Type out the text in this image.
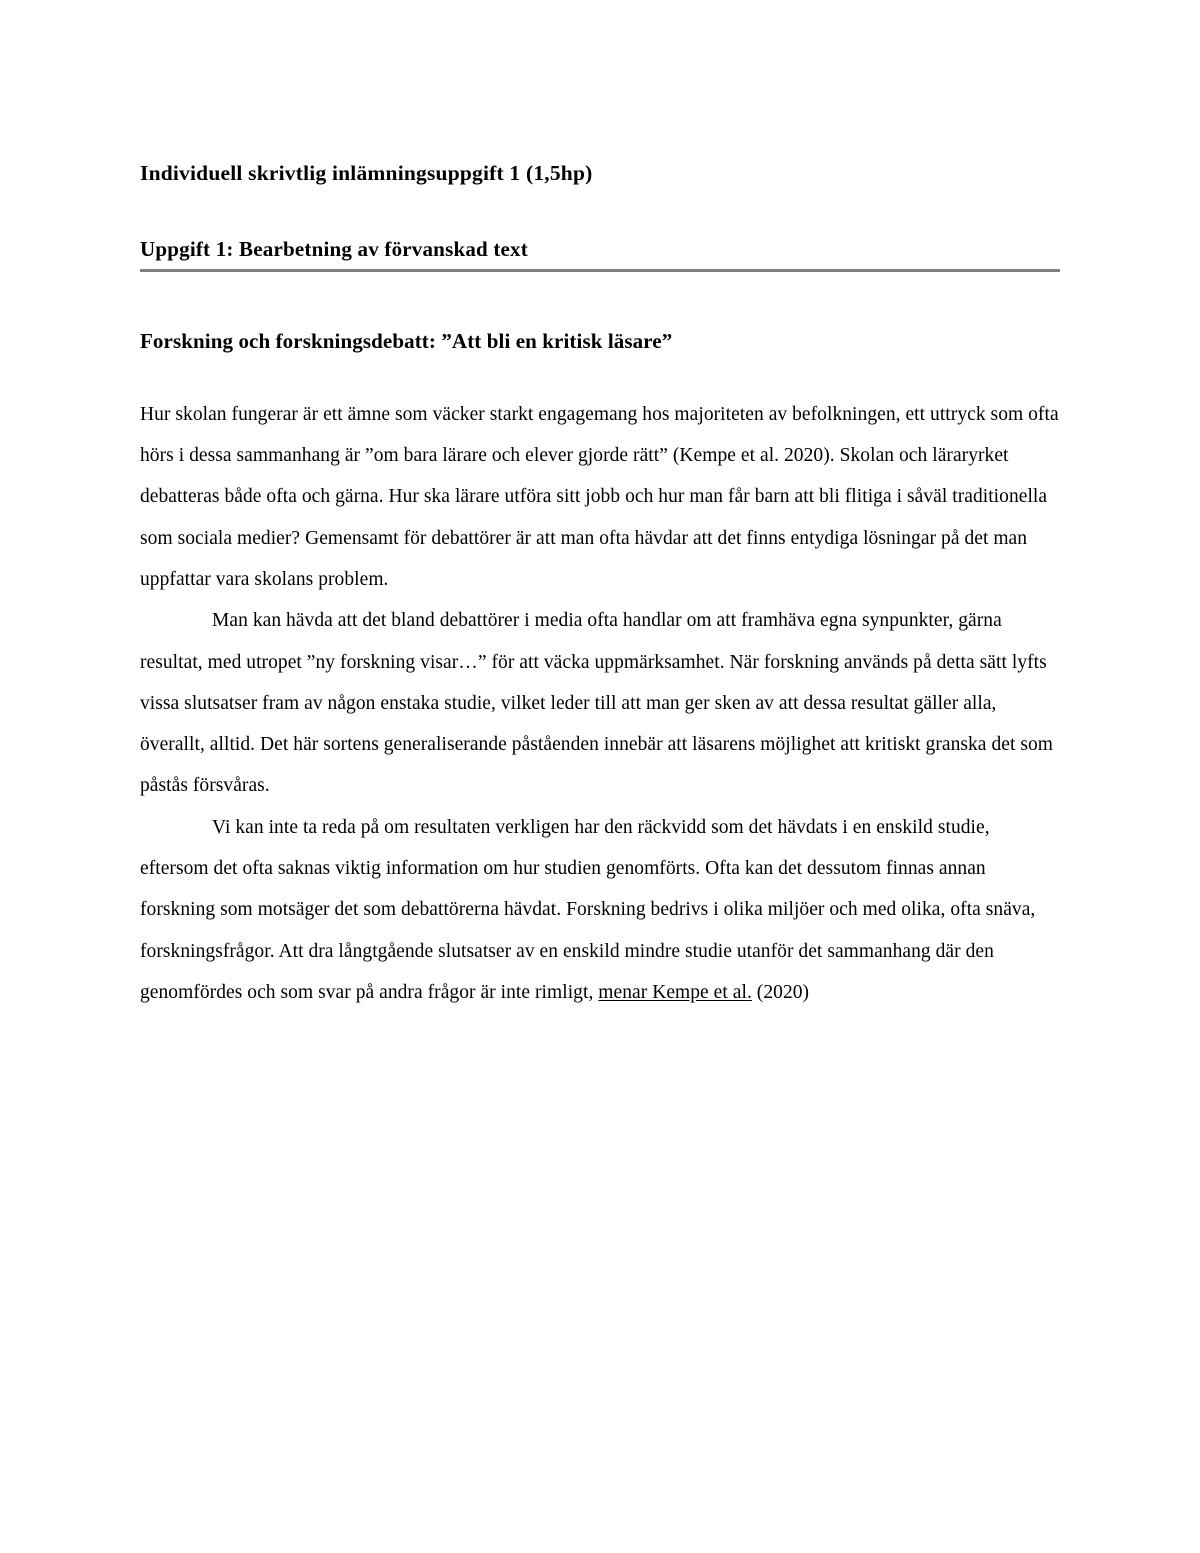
Individuell skrivtlig inlämningsuppgift 1 (1,5hp)
Uppgift 1: Bearbetning av förvanskad text
Forskning och forskningsdebatt: ”Att bli en kritisk läsare”

Hur skolan fungerar är ett ämne som väcker starkt engagemang hos majoriteten av befolkningen, ett uttryck som ofta hörs i dessa sammanhang är ”om bara lärare och elever gjorde rätt” (Kempe et al. 2020). Skolan och läraryrket debatteras både ofta och gärna. Hur ska lärare utföra sitt jobb och hur man får barn att bli flitiga i såväl traditionella som sociala medier? Gemensamt för debattörer är att man ofta hävdar att det finns entydiga lösningar på det man uppfattar vara skolans problem.

Man kan hävda att det bland debattörer i media ofta handlar om att framhäva egna synpunkter, gärna resultat, med utropet ”ny forskning visar…” för att väcka uppmärksamhet. När forskning används på detta sätt lyfts vissa slutsatser fram av någon enstaka studie, vilket leder till att man ger sken av att dessa resultat gäller alla, överallt, alltid. Det här sortens generaliserande påståenden innebär att läsarens möjlighet att kritiskt granska det som påstås försvåras.

Vi kan inte ta reda på om resultaten verkligen har den räckvidd som det hävdats i en enskild studie, eftersom det ofta saknas viktig information om hur studien genomförts. Ofta kan det dessutom finnas annan forskning som motsäger det som debattörerna hävdat. Forskning bedrivs i olika miljöer och med olika, ofta snäva, forskningsfrågor. Att dra långtgående slutsatser av en enskild mindre studie utanför det sammanhang där den genomfördes och som svar på andra frågor är inte rimligt, menar Kempe et al. (2020)
